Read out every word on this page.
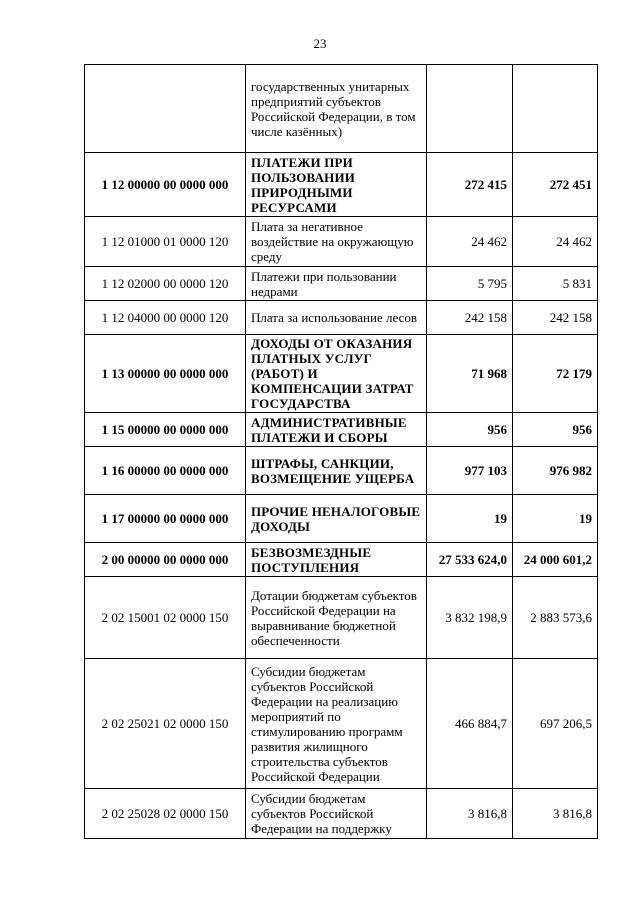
23
	государственных унитарных предприятий субъектов Российской Федерации, в том числе казённых)		
1 12 00000 00 0000 000	ПЛАТЕЖИ ПРИ ПОЛЬЗОВАНИИ ПРИРОДНЫМИ РЕСУРСАМИ	272 415	272 451
1 12 01000 01 0000 120	Плата за негативное воздействие на окружающую среду	24 462	24 462
1 12 02000 00 0000 120	Платежи при пользовании недрами	5 795	5 831
1 12 04000 00 0000 120	Плата за использование лесов	242 158	242 158
1 13 00000 00 0000 000	ДОХОДЫ ОТ ОКАЗАНИЯ ПЛАТНЫХ УСЛУГ (РАБОТ) И КОМПЕНСАЦИИ ЗАТРАТ ГОСУДАРСТВА	71 968	72 179
1 15 00000 00 0000 000	АДМИНИСТРАТИВНЫЕ ПЛАТЕЖИ И СБОРЫ	956	956
1 16 00000 00 0000 000	ШТРАФЫ, САНКЦИИ, ВОЗМЕЩЕНИЕ УЩЕРБА	977 103	976 982
1 17 00000 00 0000 000	ПРОЧИЕ НЕНАЛОГОВЫЕ ДОХОДЫ	19	19
2 00 00000 00 0000 000	БЕЗВОЗМЕЗДНЫЕ ПОСТУПЛЕНИЯ	27 533 624,0	24 000 601,2
2 02 15001 02 0000 150	Дотации бюджетам субъектов Российской Федерации на выравнивание бюджетной обеспеченности	3 832 198,9	2 883 573,6
2 02 25021 02 0000 150	Субсидии бюджетам субъектов Российской Федерации на реализацию мероприятий по стимулированию программ развития жилищного строительства субъектов Российской Федерации	466 884,7	697 206,5
2 02 25028 02 0000 150	Субсидии бюджетам субъектов Российской Федерации на поддержку	3 816,8	3 816,8
